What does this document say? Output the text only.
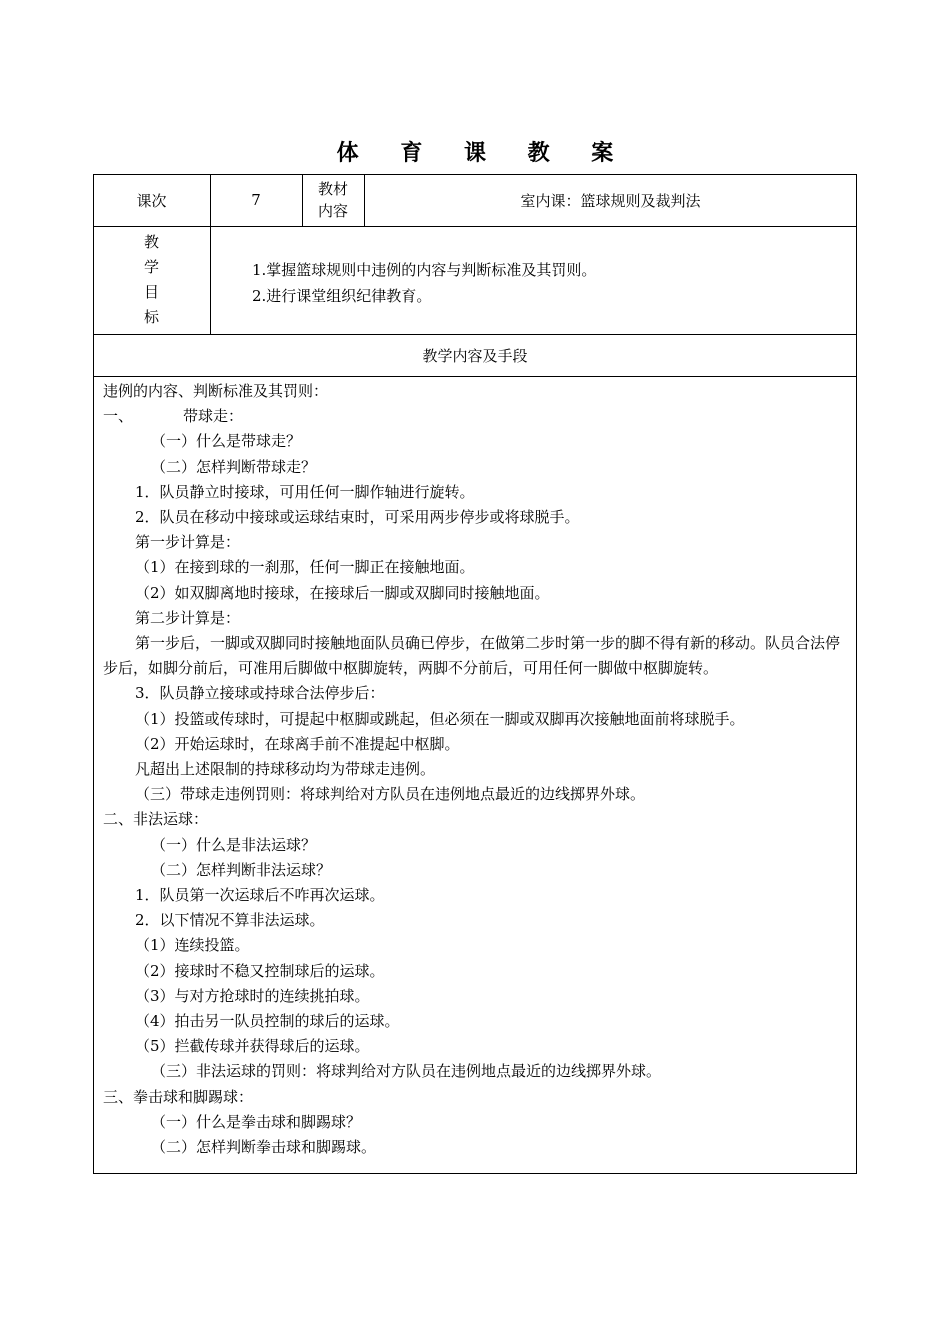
体 育 课 教 案
课次	7
教材
内容
室内课：篮球规则及裁判法
教
学
目
标
1.掌握篮球规则中违例的内容与判断标准及其罚则。
2.进行课堂组织纪律教育。
教学内容及手段
违例的内容、判断标准及其罚则：
一、	带球走：
（一）什么是带球走？
（二）怎样判断带球走？
1．队员静立时接球，可用任何一脚作轴进行旋转。
2．队员在移动中接球或运球结束时，可采用两步停步或将球脱手。
第一步计算是：
（1）在接到球的一刹那，任何一脚正在接触地面。
（2）如双脚离地时接球，在接球后一脚或双脚同时接触地面。
第二步计算是：
第一步后，一脚或双脚同时接触地面队员确已停步，在做第二步时第一步的脚不得有新的移动。队员合法停步后，如脚分前后，可准用后脚做中枢脚旋转，两脚不分前后，可用任何一脚做中枢脚旋转。
3．队员静立接球或持球合法停步后：
（1）投篮或传球时，可提起中枢脚或跳起，但必须在一脚或双脚再次接触地面前将球脱手。
（2）开始运球时，在球离手前不准提起中枢脚。
凡超出上述限制的持球移动均为带球走违例。
（三）带球走违例罚则：将球判给对方队员在违例地点最近的边线掷界外球。
二、非法运球：
（一）什么是非法运球？
（二）怎样判断非法运球？
1．队员第一次运球后不咋再次运球。
2．以下情况不算非法运球。
（1）连续投篮。
（2）接球时不稳又控制球后的运球。
（3）与对方抢球时的连续挑拍球。
（4）拍击另一队员控制的球后的运球。
（5）拦截传球并获得球后的运球。
（三）非法运球的罚则：将球判给对方队员在违例地点最近的边线掷界外球。
三、拳击球和脚踢球：
（一）什么是拳击球和脚踢球？
（二）怎样判断拳击球和脚踢球。
